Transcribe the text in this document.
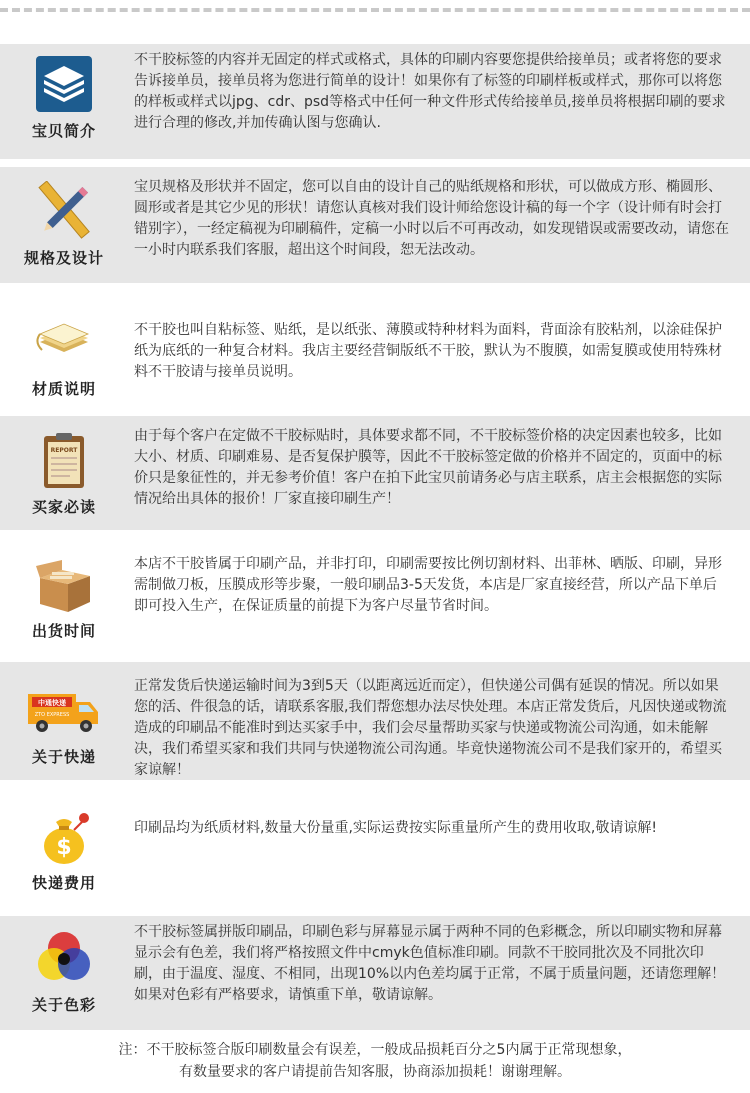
宝贝简介
不干胶标签的内容并无固定的样式或格式，具体的印刷内容要您提供给接单员；或者将您的要求告诉接单员，接单员将为您进行简单的设计！如果你有了标签的印刷样板或样式，那你可以将您的样板或样式以jpg、cdr、psd等格式中任何一种文件形式传给接单员,接单员将根据印刷的要求进行合理的修改,并加传确认图与您确认.
规格及设计
宝贝规格及形状并不固定，您可以自由的设计自己的贴纸规格和形状，可以做成方形、椭圆形、圆形或者是其它少见的形状！请您认真核对我们设计师给您设计稿的每一个字（设计师有时会打错别字），一经定稿视为印刷稿件，定稿一小时以后不可再改动，如发现错误或需要改动，请您在一小时内联系我们客服，超出这个时间段，恕无法改动。
材质说明
不干胶也叫自粘标签、贴纸，是以纸张、薄膜或特种材料为面料，背面涂有胶粘剂，以涂硅保护纸为底纸的一种复合材料。我店主要经营铜版纸不干胶，默认为不腹膜，如需复膜或使用特殊材料不干胶请与接单员说明。
REPORT
买家必读
由于每个客户在定做不干胶标贴时，具体要求都不同，不干胶标签价格的决定因素也较多，比如大小、材质、印刷难易、是否复保护膜等，因此不干胶标签定做的价格并不固定的，页面中的标价只是象征性的，并无参考价值！客户在拍下此宝贝前请务必与店主联系，店主会根据您的实际情况给出具体的报价！厂家直接印刷生产！
出货时间
本店不干胶皆属于印刷产品，并非打印，印刷需要按比例切割材料、出菲林、晒版、印刷，异形需制做刀板，压膜成形等步聚，一般印刷品3-5天发货，本店是厂家直接经营，所以产品下单后即可投入生产，在保证质量的前提下为客户尽量节省时间。
中通快递
ZTO EXPRESS
关于快递
正常发货后快递运输时间为3到5天（以距离远近而定），但快递公司偶有延误的情况。所以如果您的活、件很急的话，请联系客服,我们帮您想办法尽快处理。本店正常发货后，凡因快递或物流造成的印刷品不能准时到达买家手中，我们会尽量帮助买家与快递或物流公司沟通，如未能解决，我们希望买家和我们共同与快递物流公司沟通。毕竟快递物流公司不是我们家开的，希望买家谅解！
$
快递费用
印刷品均为纸质材料,数量大份量重,实际运费按实际重量所产生的费用收取,敬请谅解!
关于色彩
不干胶标签属拼版印刷品，印刷色彩与屏幕显示属于两种不同的色彩概念，所以印刷实物和屏幕显示会有色差，我们将严格按照文件中cmyk色值标准印刷。同款不干胶同批次及不同批次印刷，由于温度、湿度、不相同，出现10%以内色差均属于正常，不属于质量问题，还请您理解！如果对色彩有严格要求，请慎重下单，敬请谅解。
注：不干胶标签合版印刷数量会有误差，一般成品损耗百分之5内属于正常现想象，
有数量要求的客户请提前告知客服，协商添加损耗！谢谢理解。
